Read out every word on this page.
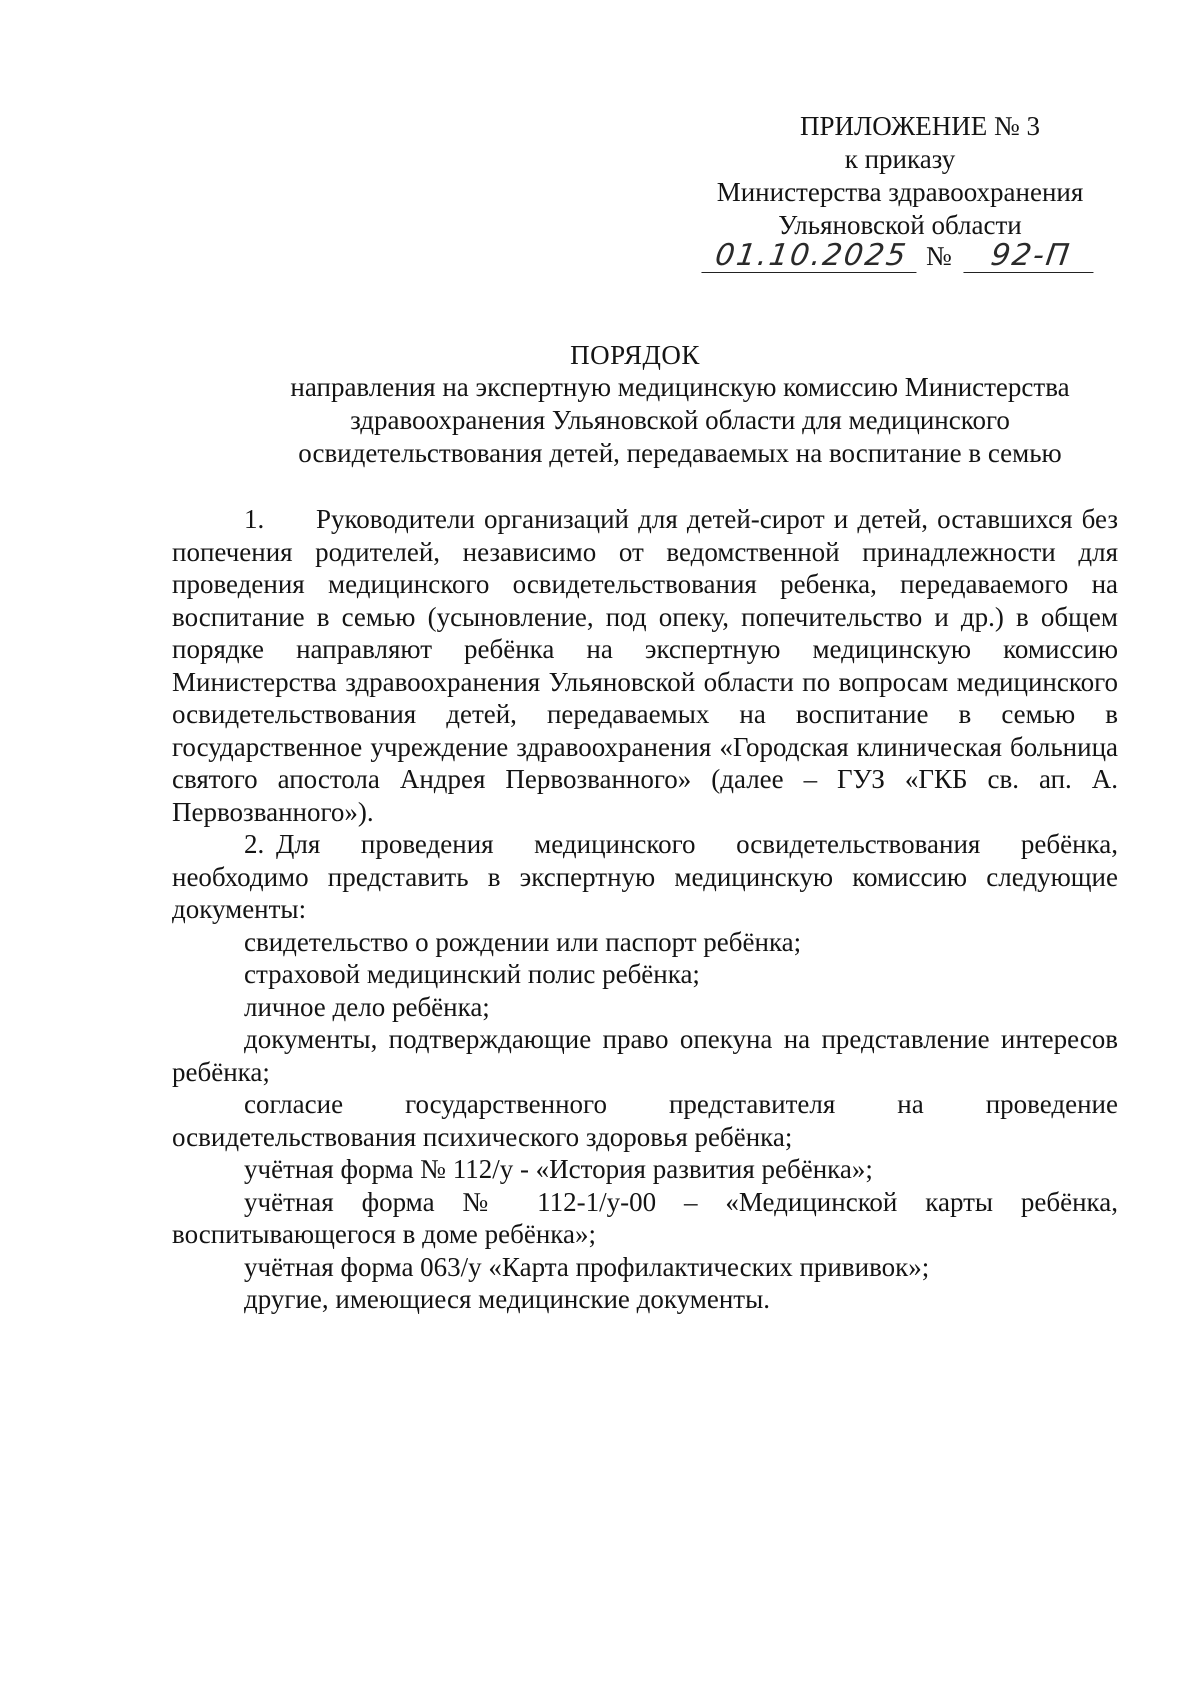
ПРИЛОЖЕНИЕ № 3
к приказу
Министерства здравоохранения
Ульяновской области
01.10.2025 №	92-П
ПОРЯДОК
направления на экспертную медицинскую комиссию Министерства
здравоохранения Ульяновской области для медицинского
освидетельствования детей, передаваемых на воспитание в семью

1. Руководители организаций для детей-сирот и детей, оставшихся без попечения родителей, независимо от ведомственной принадлежности для проведения медицинского освидетельствования ребенка, передаваемого на воспитание в семью (усыновление, под опеку, попечительство и др.) в общем порядке направляют ребёнка на экспертную медицинскую комиссию Министерства здравоохранения Ульяновской области по вопросам медицинского освидетельствования детей, передаваемых на воспитание в семью в государственное учреждение здравоохранения «Городская клиническая больница святого апостола Андрея Первозванного» (далее – ГУЗ «ГКБ св. ап. А. Первозванного»).

2. Для проведения медицинского освидетельствования ребёнка, необходимо представить в экспертную медицинскую комиссию следующие документы:

свидетельство о рождении или паспорт ребёнка;
страховой медицинский полис ребёнка;
личное дело ребёнка;
документы, подтверждающие право опекуна на представление интересов ребёнка;
согласие государственного представителя на проведение освидетельствования психического здоровья ребёнка;
учётная форма № 112/у - «История развития ребёнка»;
учётная форма № 112-1/у-00 – «Медицинской карты ребёнка, воспитывающегося в доме ребёнка»;
учётная форма 063/у «Карта профилактических прививок»;
другие, имеющиеся медицинские документы.
